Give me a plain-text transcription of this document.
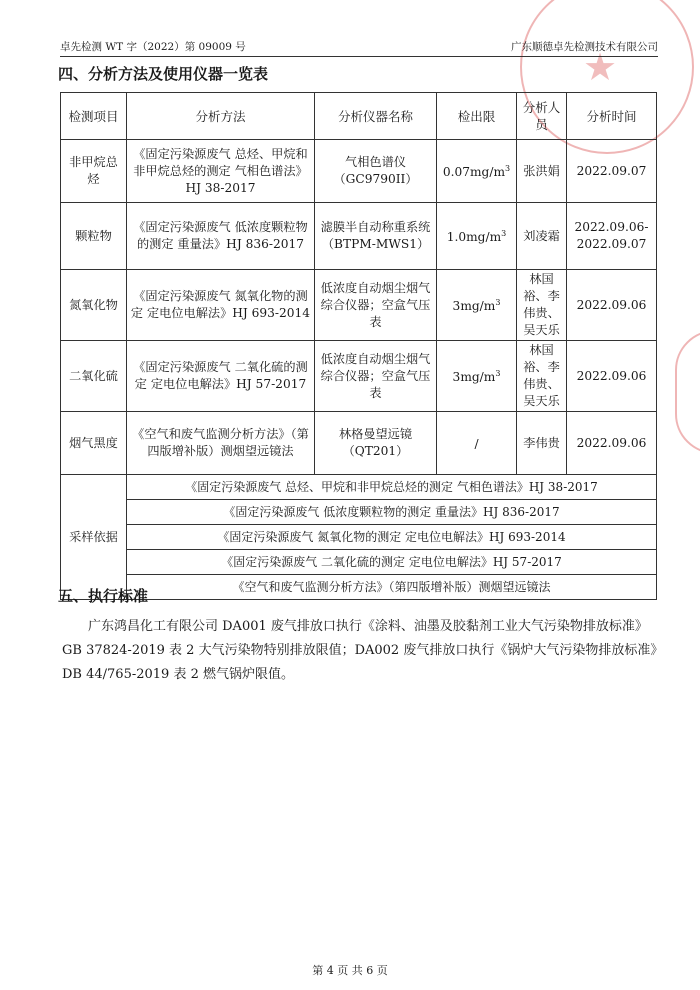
★
卓先检测 WT 字（2022）第 09009 号	广东顺德卓先检测技术有限公司
四、分析方法及使用仪器一览表
检测项目	分析方法	分析仪器名称	检出限	分析人员	分析时间
非甲烷总烃	《固定污染源废气 总烃、甲烷和非甲烷总烃的测定 气相色谱法》HJ 38-2017	气相色谱仪（GC9790II）	$0.07mg/m^3$	张洪娟	2022.09.07
颗粒物	《固定污染源废气 低浓度颗粒物的测定 重量法》HJ 836-2017	滤膜半自动称重系统（BTPM-MWS1）	$1.0mg/m^3$	刘凌霜	2022.09.06-2022.09.07
氮氧化物	《固定污染源废气 氮氧化物的测定 定电位电解法》HJ 693-2014	低浓度自动烟尘烟气综合仪器；空盒气压表	$3mg/m^3$	林国裕、李伟贵、吴天乐	2022.09.06
二氧化硫	《固定污染源废气 二氧化硫的测定 定电位电解法》HJ 57-2017	低浓度自动烟尘烟气综合仪器；空盒气压表	$3mg/m^3$	林国裕、李伟贵、吴天乐	2022.09.06
烟气黑度	《空气和废气监测分析方法》（第四版增补版）测烟望远镜法	林格曼望远镜（QT201）	/	李伟贵	2022.09.06
采样依据	《固定污染源废气 总烃、甲烷和非甲烷总烃的测定 气相色谱法》HJ 38-2017				
	《固定污染源废气 低浓度颗粒物的测定 重量法》HJ 836-2017				
	《固定污染源废气 氮氧化物的测定 定电位电解法》HJ 693-2014				
	《固定污染源废气 二氧化硫的测定 定电位电解法》HJ 57-2017				
	《空气和废气监测分析方法》（第四版增补版）测烟望远镜法				
五、执行标准
广东鸿昌化工有限公司 DA001 废气排放口执行《涂料、油墨及胶黏剂工业大气污染物排放标准》GB 37824-2019 表 2 大气污染物特别排放限值；DA002 废气排放口执行《锅炉大气污染物排放标准》DB 44/765-2019 表 2 燃气锅炉限值。
第 4 页 共 6 页
